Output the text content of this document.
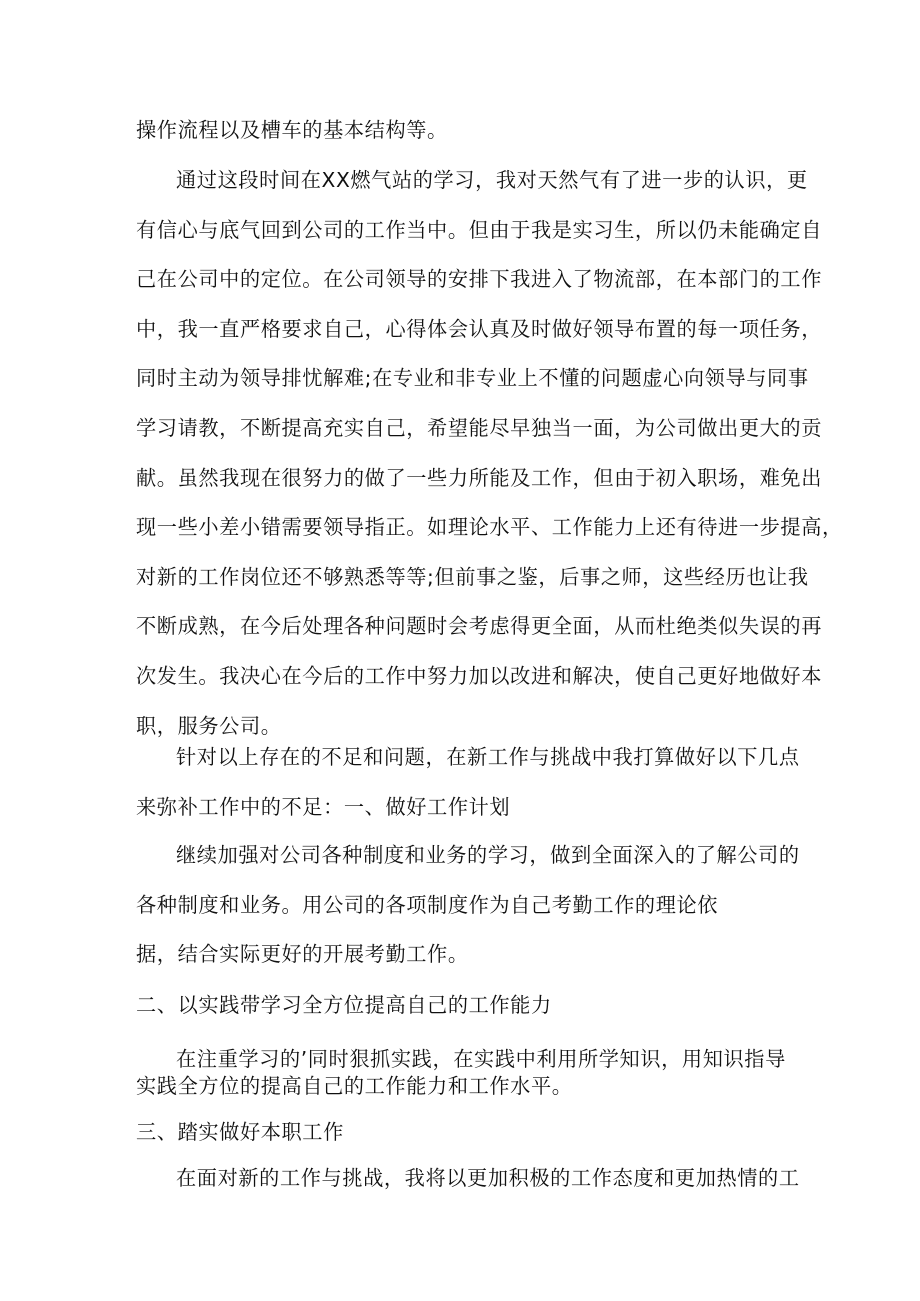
操作流程以及槽车的基本结构等。

通过这段时间在XX燃气站的学习，我对天然气有了进一步的认识，更
有信心与底气回到公司的工作当中。但由于我是实习生，所以仍未能确定自
己在公司中的定位。在公司领导的安排下我进入了物流部，在本部门的工作
中，我一直严格要求自己，心得体会认真及时做好领导布置的每一项任务，
同时主动为领导排忧解难;在专业和非专业上不懂的问题虚心向领导与同事
学习请教，不断提高充实自己，希望能尽早独当一面，为公司做出更大的贡
献。虽然我现在很努力的做了一些力所能及工作，但由于初入职场，难免出
现一些小差小错需要领导指正。如理论水平、工作能力上还有待进一步提高，
对新的工作岗位还不够熟悉等等;但前事之鉴，后事之师，这些经历也让我
不断成熟，在今后处理各种问题时会考虑得更全面，从而杜绝类似失误的再
次发生。我决心在今后的工作中努力加以改进和解决，使自己更好地做好本
职，服务公司。

针对以上存在的不足和问题，在新工作与挑战中我打算做好以下几点
来弥补工作中的不足：一、做好工作计划

继续加强对公司各种制度和业务的学习，做到全面深入的了解公司的
各种制度和业务。用公司的各项制度作为自己考勤工作的理论依

据，结合实际更好的开展考勤工作。

二、以实践带学习全方位提高自己的工作能力

在注重学习的’同时狠抓实践，在实践中利用所学知识，用知识指导
实践全方位的提高自己的工作能力和工作水平。

三、踏实做好本职工作

在面对新的工作与挑战，我将以更加积极的工作态度和更加热情的工
